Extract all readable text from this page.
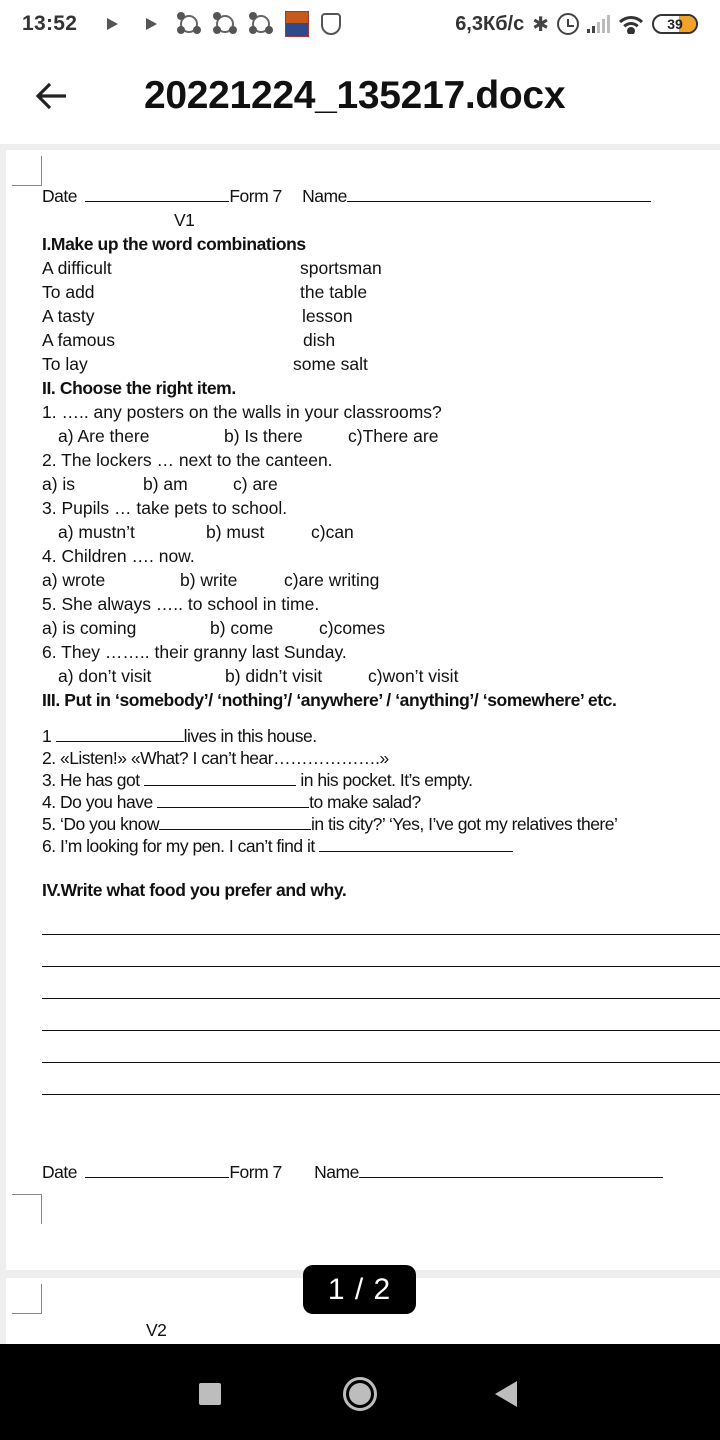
13:52	6,3Кб/с ✱	39
20221224_135217.docx
Date	Form 7 Name
V1
I.Make up the word combinations
A difficult	sportsman
To add	the table
A tasty	lesson
A famous	dish
To lay	some salt
II. Choose the right item.
1. ….. any posters on the walls in your classrooms?
a) Are there	b) Is there	c)There are
2. The lockers … next to the canteen.
a) is	b) am	c) are
3. Pupils … take pets to school.
a) mustn’t	b) must	c)can
4. Children …. now.
a) wrote	b) write	c)are writing
5. She always ….. to school in time.
a) is coming	b) come	c)comes
6. They …….. their granny last Sunday.
a) don’t visit	b) didn’t visit	c)won’t visit
III. Put in ‘somebody’/ ‘nothing’/ ‘anywhere’ / ‘anything’/ ‘somewhere’ etc.
1	lives in this house.
2. «Listen!» «What? I can’t hear……………….»
3. He has got	in his pocket. It’s empty.
4. Do you have	to make salad?
5. ‘Do you know	in tis city?’ ‘Yes, I’ve got my relatives there’
6. I’m looking for my pen. I can’t find it
IV.Write what food you prefer and why.
Date	Form 7 Name
V2
1 / 2
